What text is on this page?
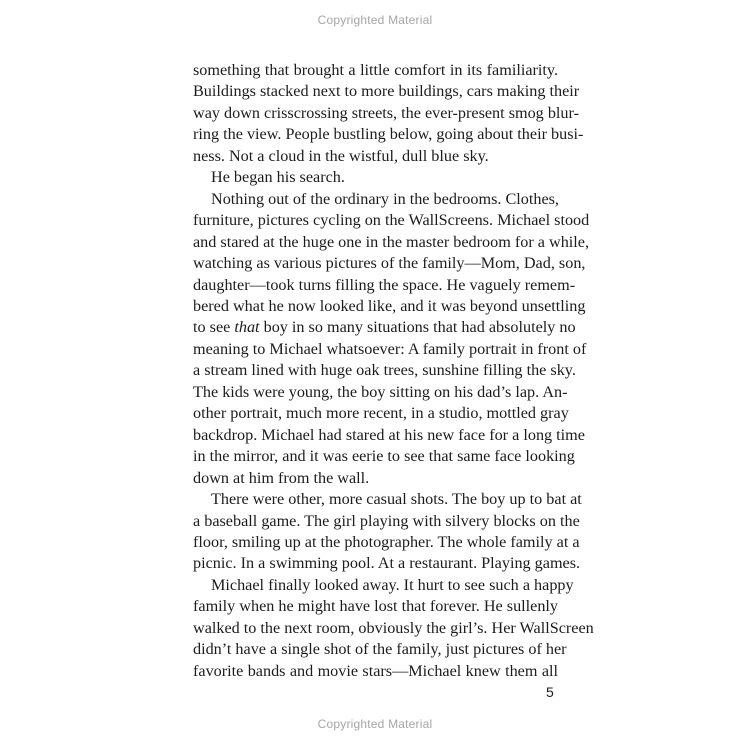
Copyrighted Material

something that brought a little comfort in its familiarity.
Buildings stacked next to more buildings, cars making their
way down crisscrossing streets, the ever-present smog blur-
ring the view. People bustling below, going about their busi-
ness. Not a cloud in the wistful, dull blue sky.

He began his search.

Nothing out of the ordinary in the bedrooms. Clothes,
furniture, pictures cycling on the WallScreens. Michael stood
and stared at the huge one in the master bedroom for a while,
watching as various pictures of the family—Mom, Dad, son,
daughter—took turns filling the space. He vaguely remem-
bered what he now looked like, and it was beyond unsettling
to see that boy in so many situations that had absolutely no
meaning to Michael whatsoever: A family portrait in front of
a stream lined with huge oak trees, sunshine filling the sky.
The kids were young, the boy sitting on his dad’s lap. An-
other portrait, much more recent, in a studio, mottled gray
backdrop. Michael had stared at his new face for a long time
in the mirror, and it was eerie to see that same face looking
down at him from the wall.

There were other, more casual shots. The boy up to bat at
a baseball game. The girl playing with silvery blocks on the
floor, smiling up at the photographer. The whole family at a
picnic. In a swimming pool. At a restaurant. Playing games.

Michael finally looked away. It hurt to see such a happy
family when he might have lost that forever. He sullenly
walked to the next room, obviously the girl’s. Her WallScreen
didn’t have a single shot of the family, just pictures of her
favorite bands and movie stars—Michael knew them all

5
Copyrighted Material
